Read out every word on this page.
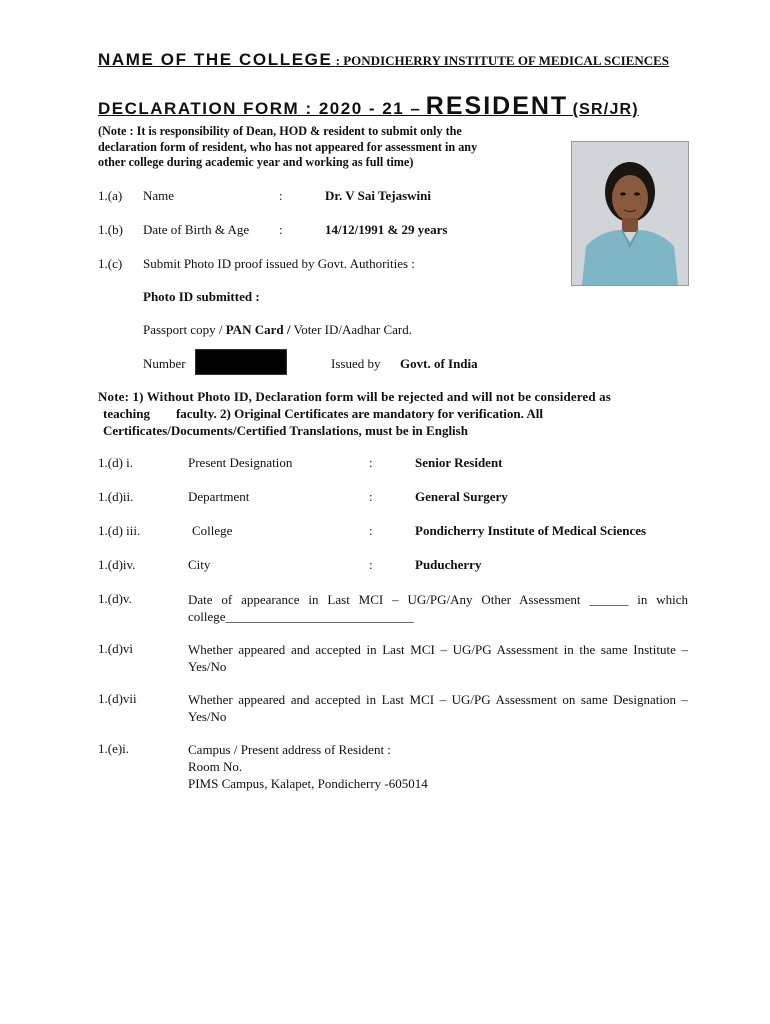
NAME OF THE COLLEGE : PONDICHERRY INSTITUTE OF MEDICAL SCIENCES
DECLARATION FORM : 2020 - 21 – RESIDENT (SR/JR)
(Note : It is responsibility of Dean, HOD & resident to submit only the
declaration form of resident, who has not appeared for assessment in any
other college during academic year and working as full time)
1.(a) Name	:	Dr. V Sai Tejaswini
1.(b) Date of Birth & Age :	14/12/1991 & 29 years
1.(c) Submit Photo ID proof issued by Govt. Authorities :
Photo ID submitted :
Passport copy / PAN Card / Voter ID/Aadhar Card.
Number	Issued by Govt. of India
Note: 1) Without Photo ID, Declaration form will be rejected and will not be considered as
teaching faculty. 2) Original Certificates are mandatory for verification. All
Certificates/Documents/Certified Translations, must be in English
1.(d) i.	Present Designation	:	Senior Resident
1.(d)ii.	Department	:	General Surgery
1.(d) iii.	College	:	Pondicherry Institute of Medical Sciences
1.(d)iv.	City	:	Puducherry
1.(d)v.	Date of appearance in Last MCI – UG/PG/Any Other Assessment ______ in which college_____________________________
1.(d)vi	Whether appeared and accepted in Last MCI – UG/PG Assessment in the same Institute – Yes/No
1.(d)vii	Whether appeared and accepted in Last MCI – UG/PG Assessment on same Designation – Yes/No
1.(e)i.	Campus / Present address of Resident :
Room No.
PIMS Campus, Kalapet, Pondicherry -605014
